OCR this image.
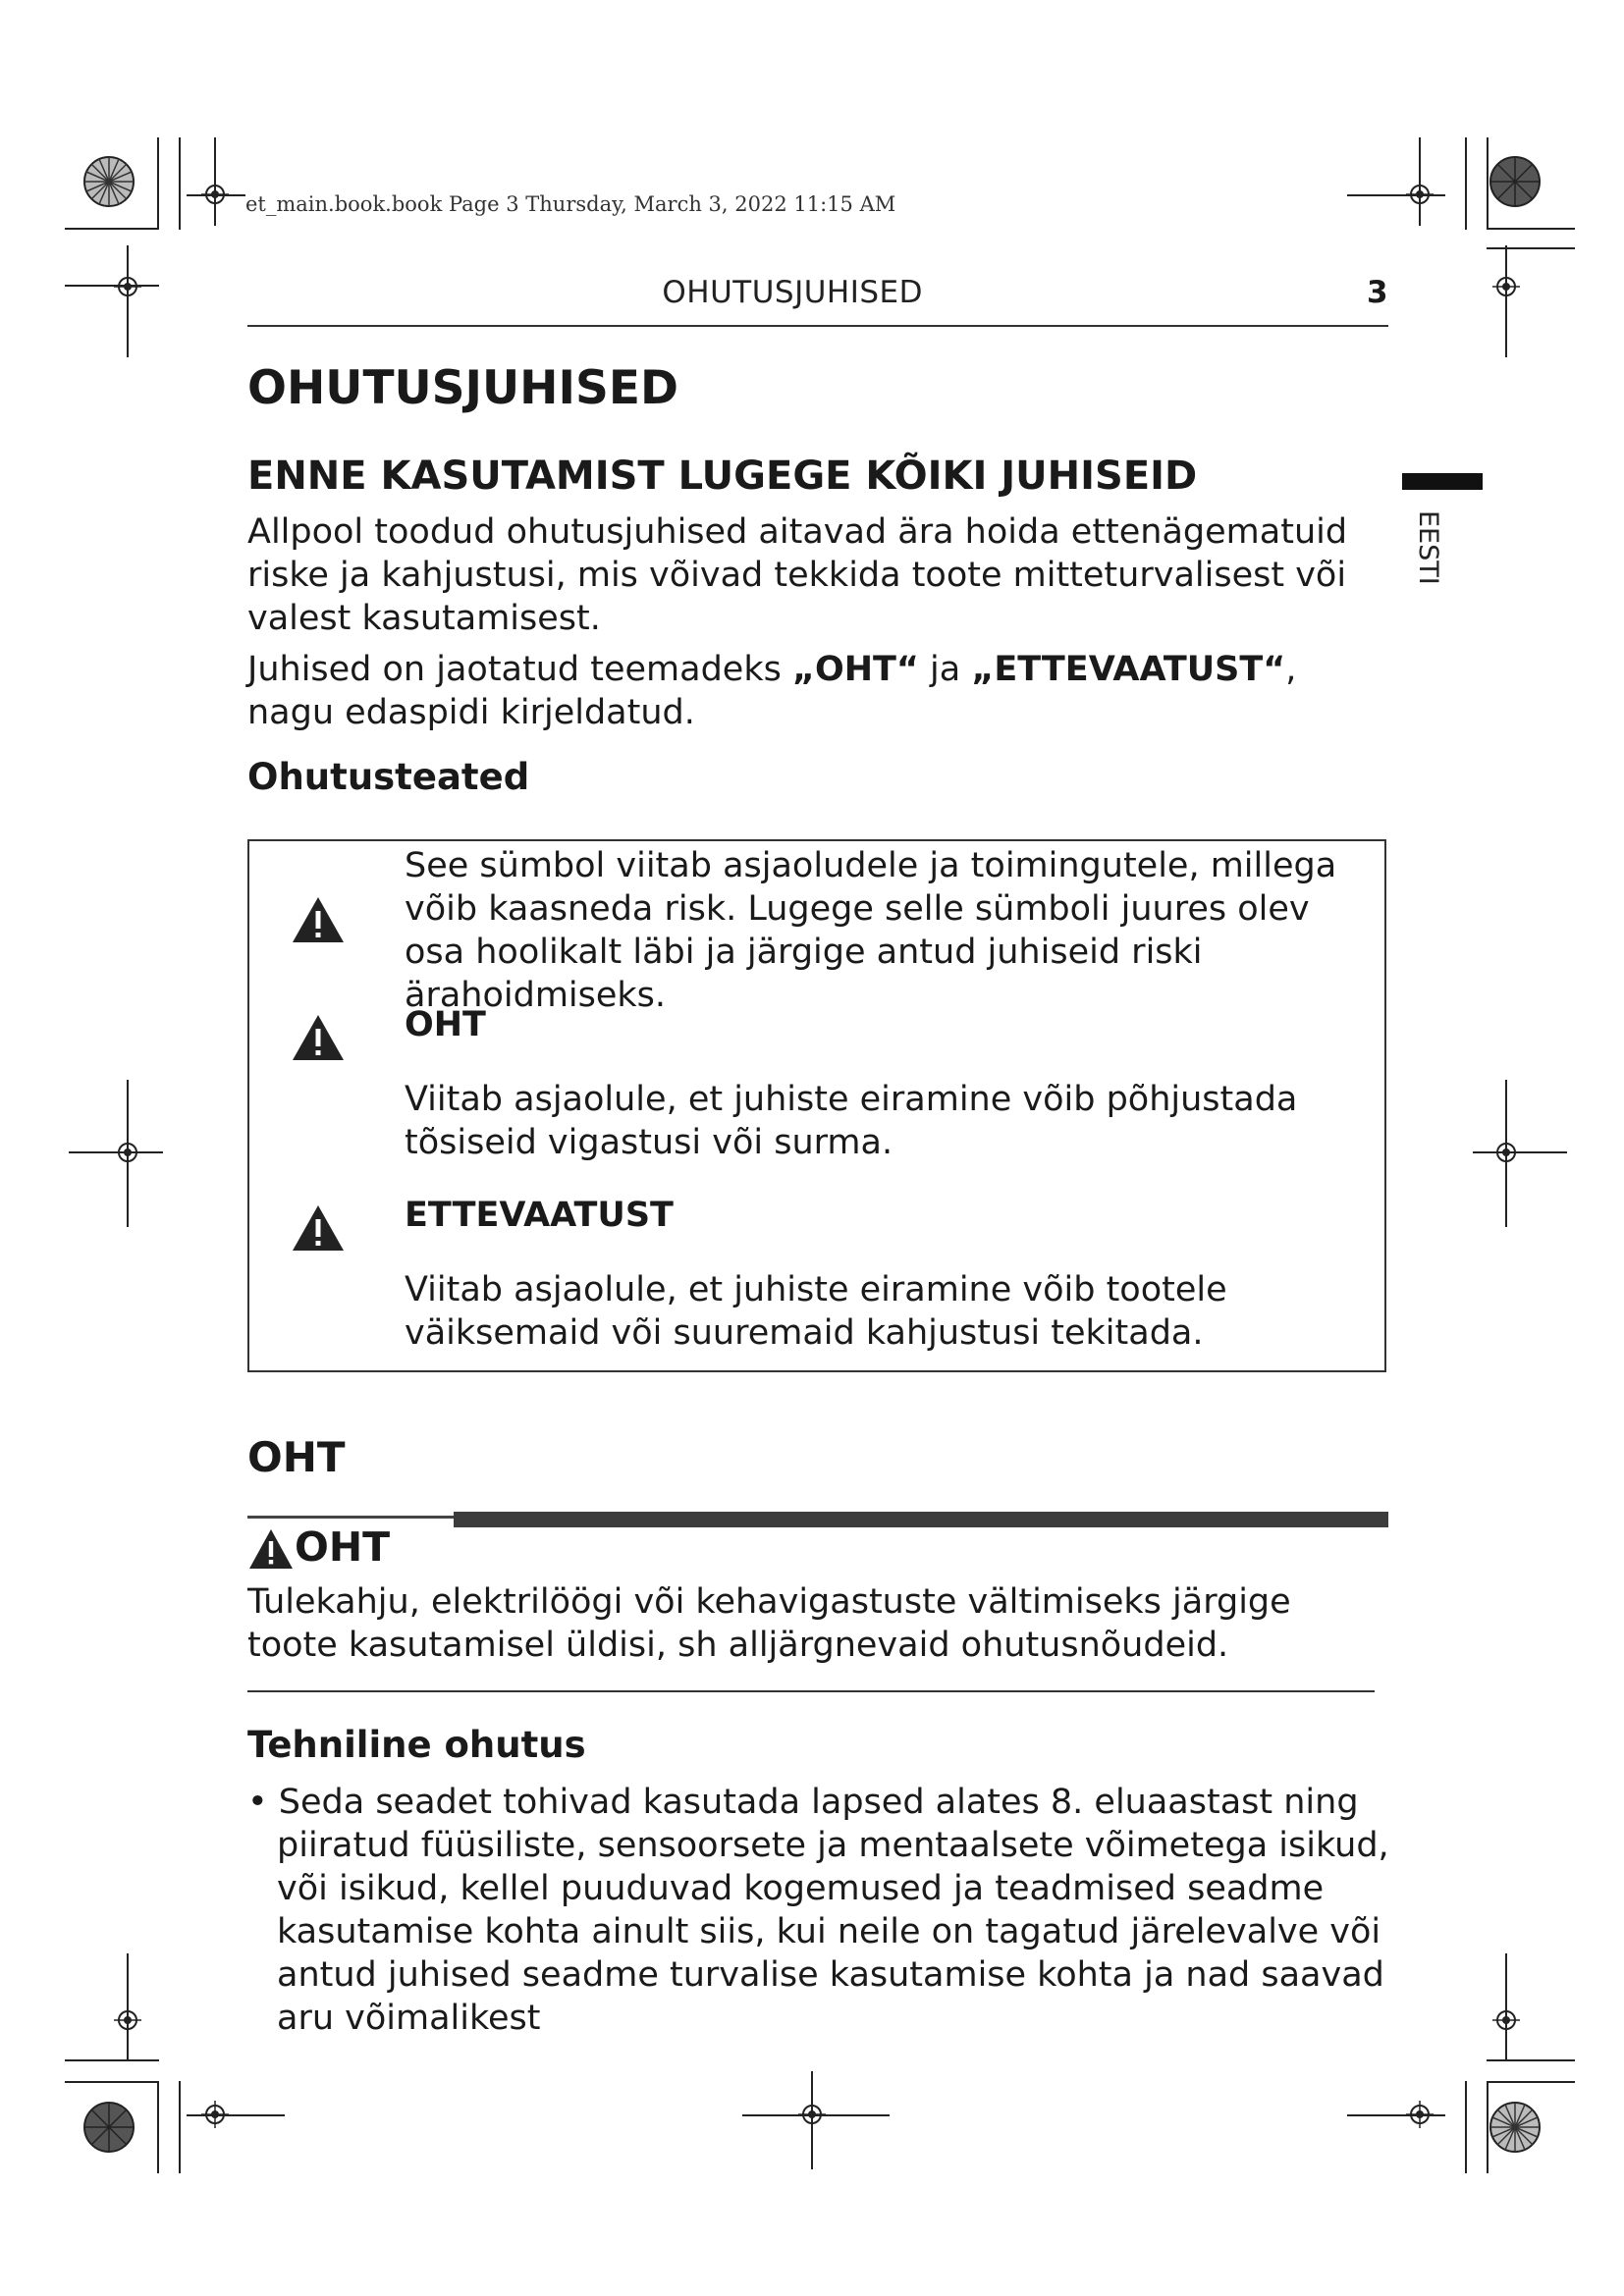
et_main.book.book Page 3 Thursday, March 3, 2022 11:15 AM
OHUTUSJUHISED	3
EESTI
OHUTUSJUHISED
ENNE KASUTAMIST LUGEGE KÕIKI JUHISEID

Allpool toodud ohutusjuhised aitavad ära hoida ettenägematuid riske ja kahjustusi, mis võivad tekkida toote mitteturvalisest või valest kasutamisest.

Juhised on jaotatud teemadeks „OHT“ ja „ETTEVAATUST“, nagu edaspidi kirjeldatud.

Ohutusteated

See sümbol viitab asjaoludele ja toimingutele, millega võib kaasneda risk. Lugege selle sümboli juures olev osa hoolikalt läbi ja järgige antud juhiseid riski ärahoidmiseks.

OHT

Viitab asjaolule, et juhiste eiramine võib põhjustada tõsiseid vigastusi või surma.

ETTEVAATUST

Viitab asjaolule, et juhiste eiramine võib tootele väiksemaid või suuremaid kahjustusi tekitada.

OHT

OHT

Tulekahju, elektrilöögi või kehavigastuste vältimiseks järgige toote kasutamisel üldisi, sh alljärgnevaid ohutusnõudeid.

Tehniline ohutus

• Seda seadet tohivad kasutada lapsed alates 8. eluaastast ning piiratud füüsiliste, sensoorsete ja mentaalsete võimetega isikud, või isikud, kellel puuduvad kogemused ja teadmised seadme kasutamise kohta ainult siis, kui neile on tagatud järelevalve või antud juhised seadme turvalise kasutamise kohta ja nad saavad aru võimalikest
